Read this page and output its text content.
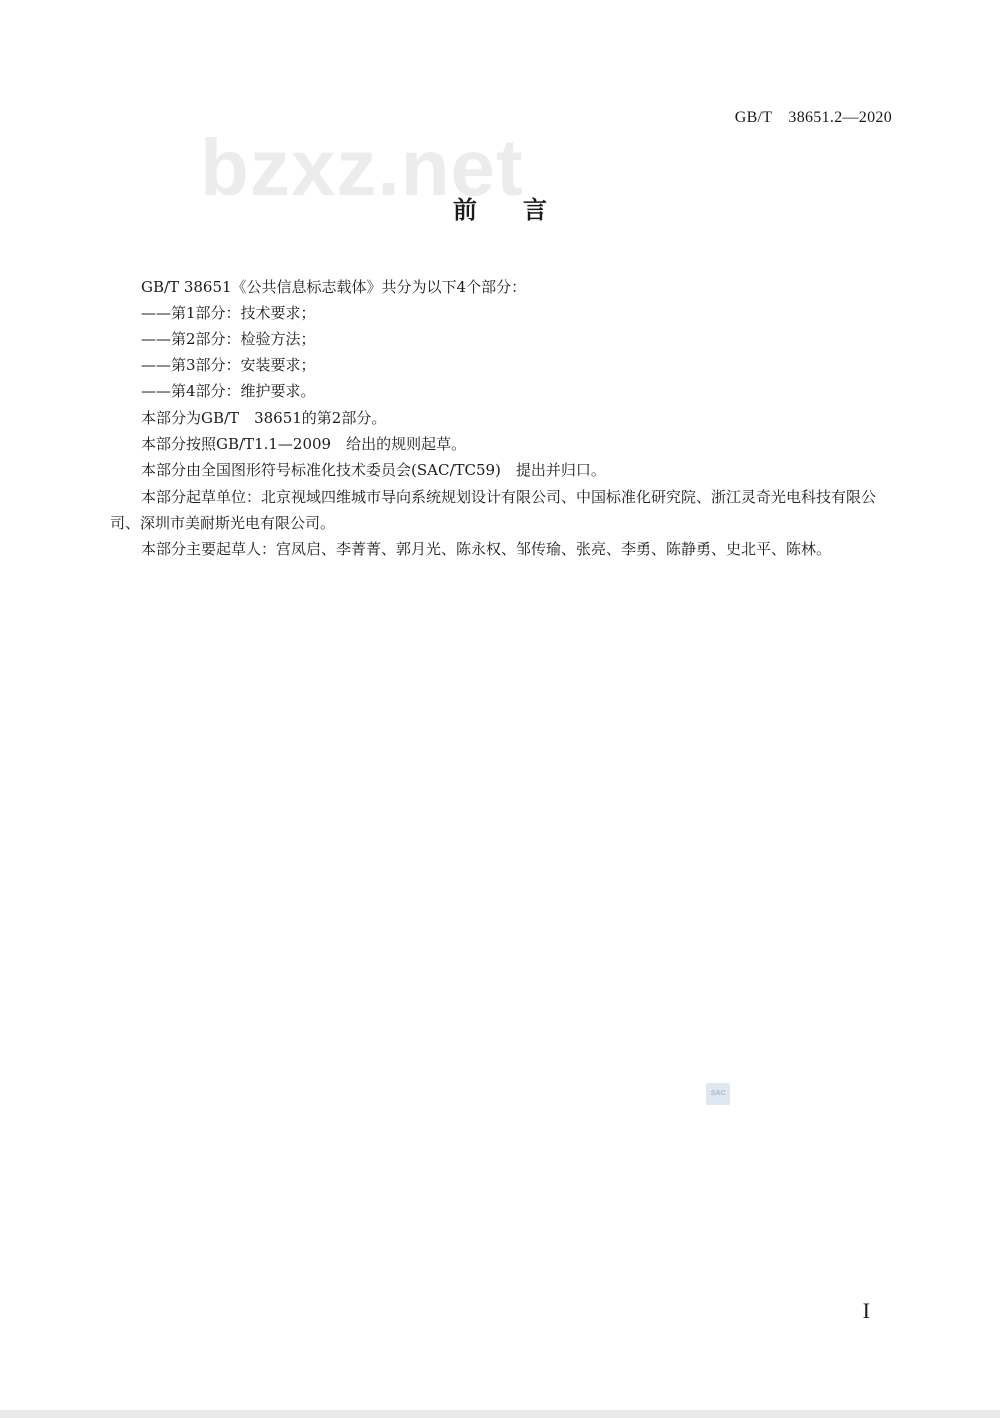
bzxz.net
GB/T　38651.2—2020
前言

GB/T 38651《公共信息标志载体》共分为以下4个部分：

——第1部分：技术要求；

——第2部分：检验方法；

——第3部分：安装要求；

——第4部分：维护要求。

本部分为GB/T　38651的第2部分。

本部分按照GB/T1.1—2009　给出的规则起草。

本部分由全国图形符号标准化技术委员会(SAC/TC59)　提出并归口。

本部分起草单位：北京视域四维城市导向系统规划设计有限公司、中国标准化研究院、浙江灵奇光电科技有限公司、深圳市美耐斯光电有限公司。

本部分主要起草人：宫凤启、李菁菁、郭月光、陈永权、邹传瑜、张亮、李勇、陈静勇、史北平、陈林。

SAC
I
